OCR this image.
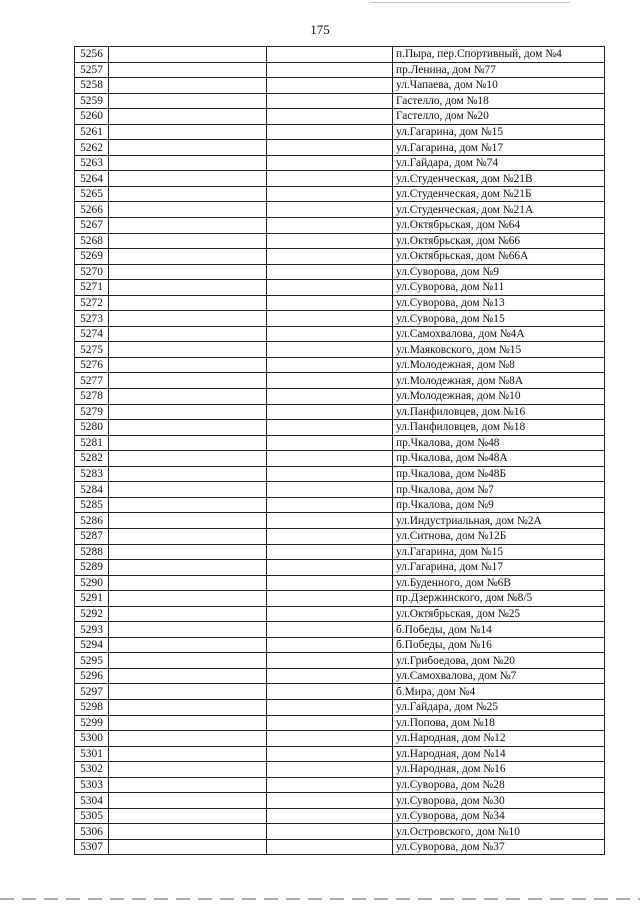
175
5256			п.Пыра, пер.Спортивный, дом №4
5257			пр.Ленина, дом №77
5258			ул.Чапаева, дом №10
5259			Гастелло, дом №18
5260			Гастелло, дом №20
5261			ул.Гагарина, дом №15
5262			ул.Гагарина, дом №17
5263			ул.Гайдара, дом №74
5264			ул.Студенческая, дом №21В
5265			ул.Студенческая, дом №21Б
5266			ул.Студенческая, дом №21А
5267			ул.Октябрьская, дом №64
5268			ул.Октябрьская, дом №66
5269			ул.Октябрьская, дом №66А
5270			ул.Суворова, дом №9
5271			ул.Суворова, дом №11
5272			ул.Суворова, дом №13
5273			ул.Суворова, дом №15
5274			ул.Самохвалова, дом №4А
5275			ул.Маяковского, дом №15
5276			ул.Молодежная, дом №8
5277			ул.Молодежная, дом №8А
5278			ул.Молодежная, дом №10
5279			ул.Панфиловцев, дом №16
5280			ул.Панфиловцев, дом №18
5281			пр.Чкалова, дом №48
5282			пр.Чкалова, дом №48А
5283			пр.Чкалова, дом №48Б
5284			пр.Чкалова, дом №7
5285			пр.Чкалова, дом №9
5286			ул.Индустриальная, дом №2А
5287			ул.Ситнова, дом №12Б
5288			ул.Гагарина, дом №15
5289			ул.Гагарина, дом №17
5290			ул.Буденного, дом №6В
5291			пр.Дзержинского, дом №8/5
5292			ул.Октябрьская, дом №25
5293			б.Победы, дом №14
5294			б.Победы, дом №16
5295			ул.Грибоедова, дом №20
5296			ул.Самохвалова, дом №7
5297			б.Мира, дом №4
5298			ул.Гайдара, дом №25
5299			ул.Попова, дом №18
5300			ул.Народная, дом №12
5301			ул.Народная, дом №14
5302			ул.Народная, дом №16
5303			ул.Суворова, дом №28
5304			ул.Суворова, дом №30
5305			ул.Суворова, дом №34
5306			ул.Островского, дом №10
5307			ул.Суворова, дом №37
